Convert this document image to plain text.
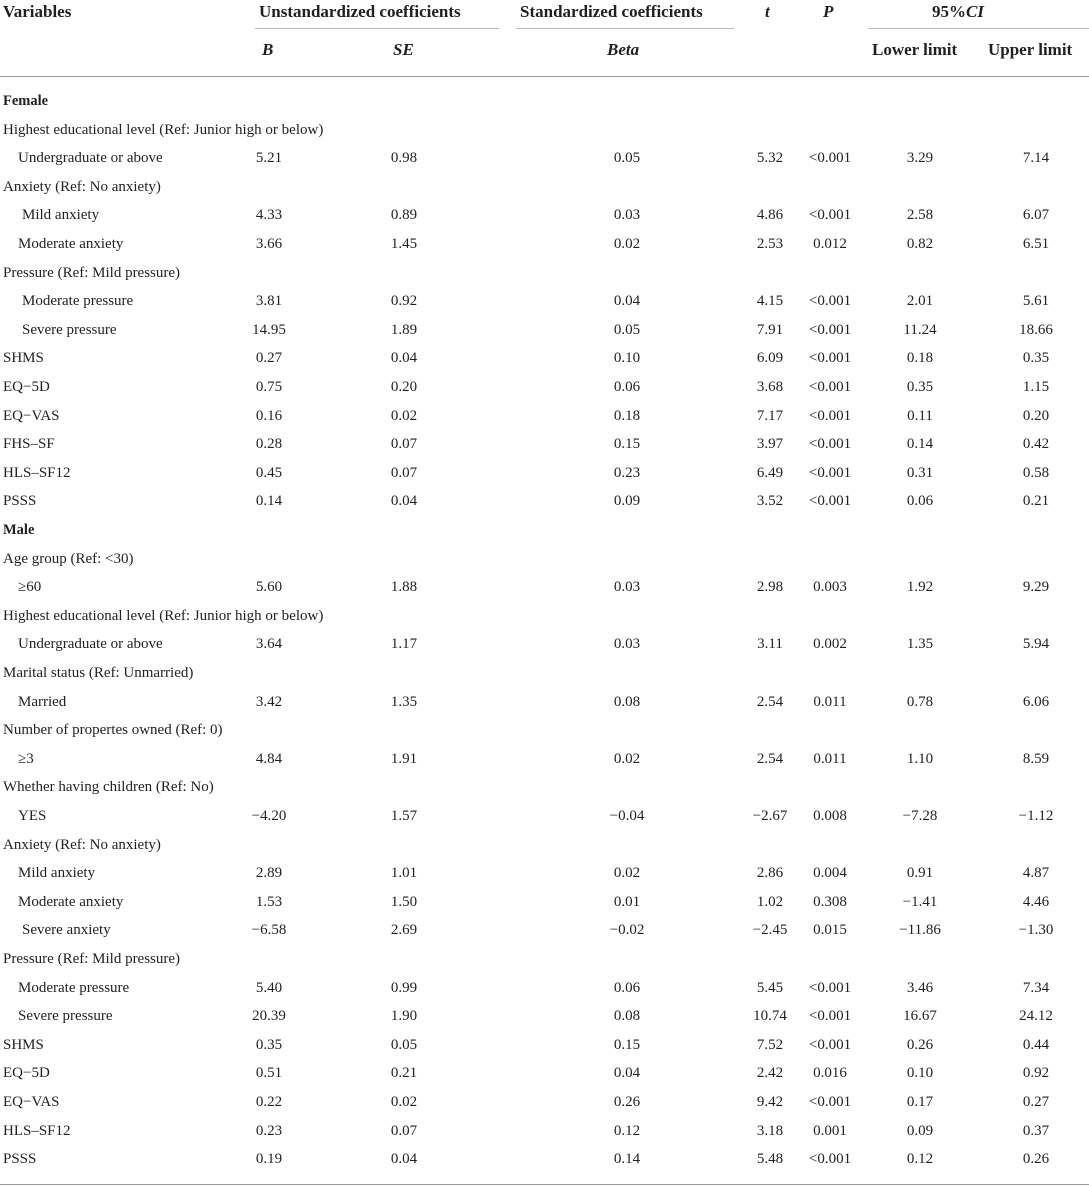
Variables	Unstandardized coefficients	Standardized coefficients	t	P	95%CI
B	SE	Beta	Lower limit Upper limit
Female
Highest educational level (Ref: Junior high or below)
Undergraduate or above	5.21	0.98	0.05	5.32 <0.001	3.29	7.14
Anxiety (Ref: No anxiety)
Mild anxiety	4.33	0.89	0.03	4.86 <0.001	2.58	6.07
Moderate anxiety	3.66	1.45	0.02	2.53 0.012	0.82	6.51
Pressure (Ref: Mild pressure)
Moderate pressure	3.81	0.92	0.04	4.15 <0.001	2.01	5.61
Severe pressure	14.95	1.89	0.05	7.91 <0.001	11.24	18.66
SHMS	0.27	0.04	0.10	6.09 <0.001	0.18	0.35
EQ−5D	0.75	0.20	0.06	3.68 <0.001	0.35	1.15
EQ−VAS	0.16	0.02	0.18	7.17 <0.001	0.11	0.20
FHS–SF	0.28	0.07	0.15	3.97 <0.001	0.14	0.42
HLS–SF12	0.45	0.07	0.23	6.49 <0.001	0.31	0.58
PSSS	0.14	0.04	0.09	3.52 <0.001	0.06	0.21
Male
Age group (Ref: <30)
≥60	5.60	1.88	0.03	2.98 0.003	1.92	9.29
Highest educational level (Ref: Junior high or below)
Undergraduate or above	3.64	1.17	0.03	3.11 0.002	1.35	5.94
Marital status (Ref: Unmarried)
Married	3.42	1.35	0.08	2.54 0.011	0.78	6.06
Number of propertes owned (Ref: 0)
≥3	4.84	1.91	0.02	2.54 0.011	1.10	8.59
Whether having children (Ref: No)
YES	−4.20	1.57	−0.04	−2.67 0.008	−7.28	−1.12
Anxiety (Ref: No anxiety)
Mild anxiety	2.89	1.01	0.02	2.86 0.004	0.91	4.87
Moderate anxiety	1.53	1.50	0.01	1.02 0.308	−1.41	4.46
Severe anxiety	−6.58	2.69	−0.02	−2.45 0.015	−11.86	−1.30
Pressure (Ref: Mild pressure)
Moderate pressure	5.40	0.99	0.06	5.45 <0.001	3.46	7.34
Severe pressure	20.39	1.90	0.08	10.74 <0.001	16.67	24.12
SHMS	0.35	0.05	0.15	7.52 <0.001	0.26	0.44
EQ−5D	0.51	0.21	0.04	2.42 0.016	0.10	0.92
EQ−VAS	0.22	0.02	0.26	9.42 <0.001	0.17	0.27
HLS–SF12	0.23	0.07	0.12	3.18 0.001	0.09	0.37
PSSS	0.19	0.04	0.14	5.48 <0.001	0.12	0.26
